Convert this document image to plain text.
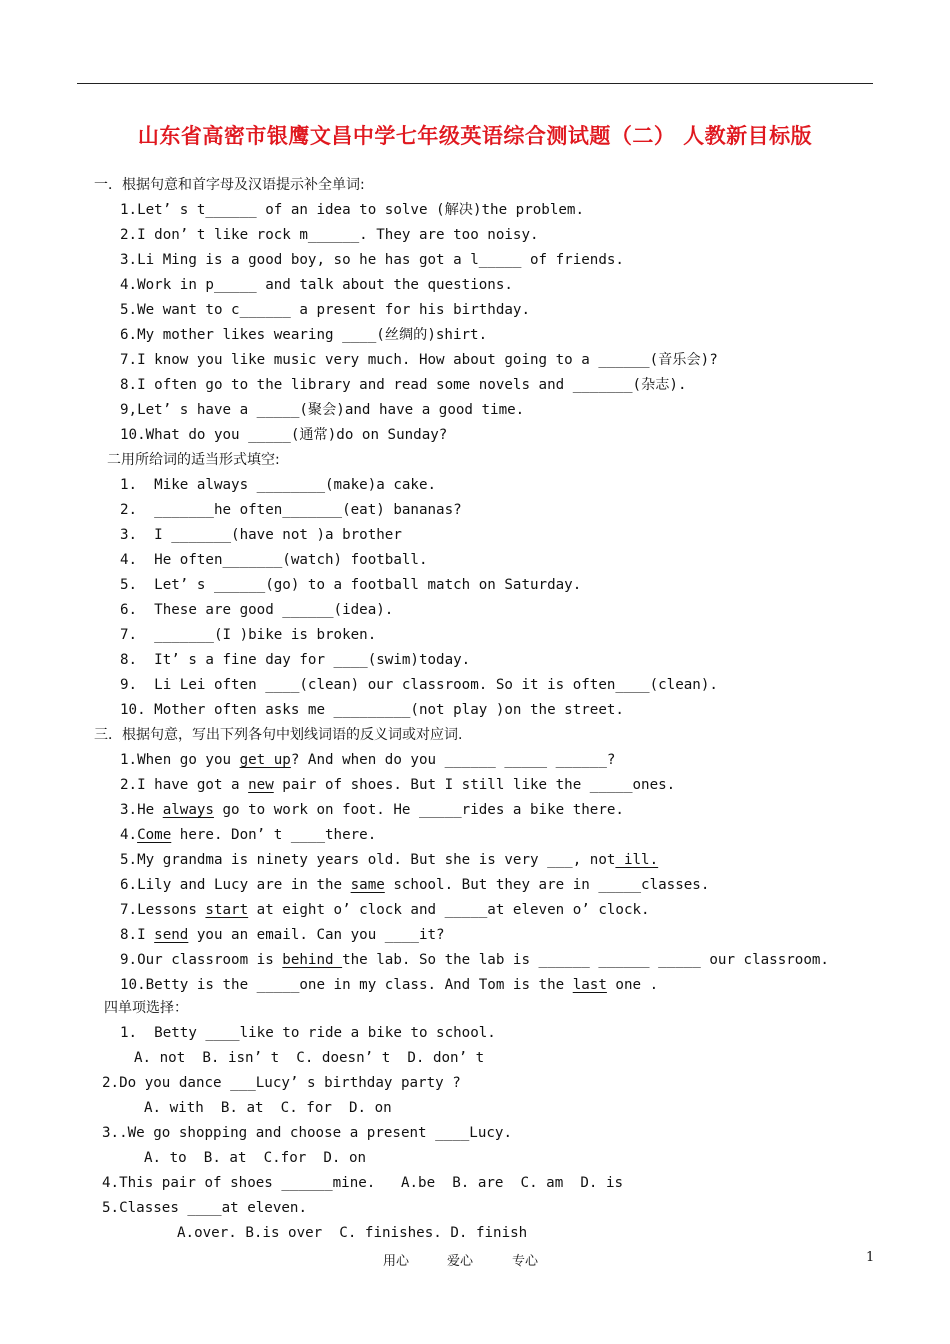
山东省高密市银鹰文昌中学七年级英语综合测试题（二） 人教新目标版
一．根据句意和首字母及汉语提示补全单词:
1.Let’ s t______ of an idea to solve (解决)the problem.
2.I don’ t like rock m______. They are too noisy.
3.Li Ming is a good boy, so he has got a l_____ of friends.
4.Work in p_____ and talk about the questions.
5.We want to c______ a present for his birthday.
6.My mother likes wearing ____(丝绸的)shirt.
7.I know you like music very much. How about going to a ______(音乐会)?
8.I often go to the library and read some novels and _______(杂志).
9,Let’ s have a _____(聚会)and have a good time.
10.What do you _____(通常)do on Sunday?
二用所给词的适当形式填空:
1.  Mike always ________(make)a cake.
2.  _______he often_______(eat) bananas?
3.  I _______(have not )a brother
4.  He often_______(watch) football.
5.  Let’ s ______(go) to a football match on Saturday.
6.  These are good ______(idea).
7.  _______(I )bike is broken.
8.  It’ s a fine day for ____(swim)today.
9.  Li Lei often ____(clean) our classroom. So it is often____(clean).
10. Mother often asks me _________(not play )on the street.
三．根据句意，写出下列各句中划线词语的反义词或对应词.
1.When go you get up? And when do you ______ _____ ______?
2.I have got a new pair of shoes. But I still like the _____ones.
3.He always go to work on foot. He _____rides a bike there.
4.Come here. Don’ t ____there.
5.My grandma is ninety years old. But she is very ___, not ill.
6.Lily and Lucy are in the same school. But they are in _____classes.
7.Lessons start at eight o’ clock and _____at eleven o’ clock.
8.I send you an email. Can you ____it?
9.Our classroom is behind the lab. So the lab is ______ ______ _____ our classroom.
10.Betty is the _____one in my class. And Tom is the last one .
四单项选择：
1.  Betty ____like to ride a bike to school.
A. not  B. isn’ t  C. doesn’ t  D. don’ t
2.Do you dance ___Lucy’ s birthday party ?
A. with  B. at  C. for  D. on
3..We go shopping and choose a present ____Lucy.
A. to  B. at  C.for  D. on
4.This pair of shoes ______mine.   A.be  B. are  C. am  D. is
5.Classes ____at eleven.
A.over. B.is over  C. finishes. D. finish
用心	爱心	专心	1
